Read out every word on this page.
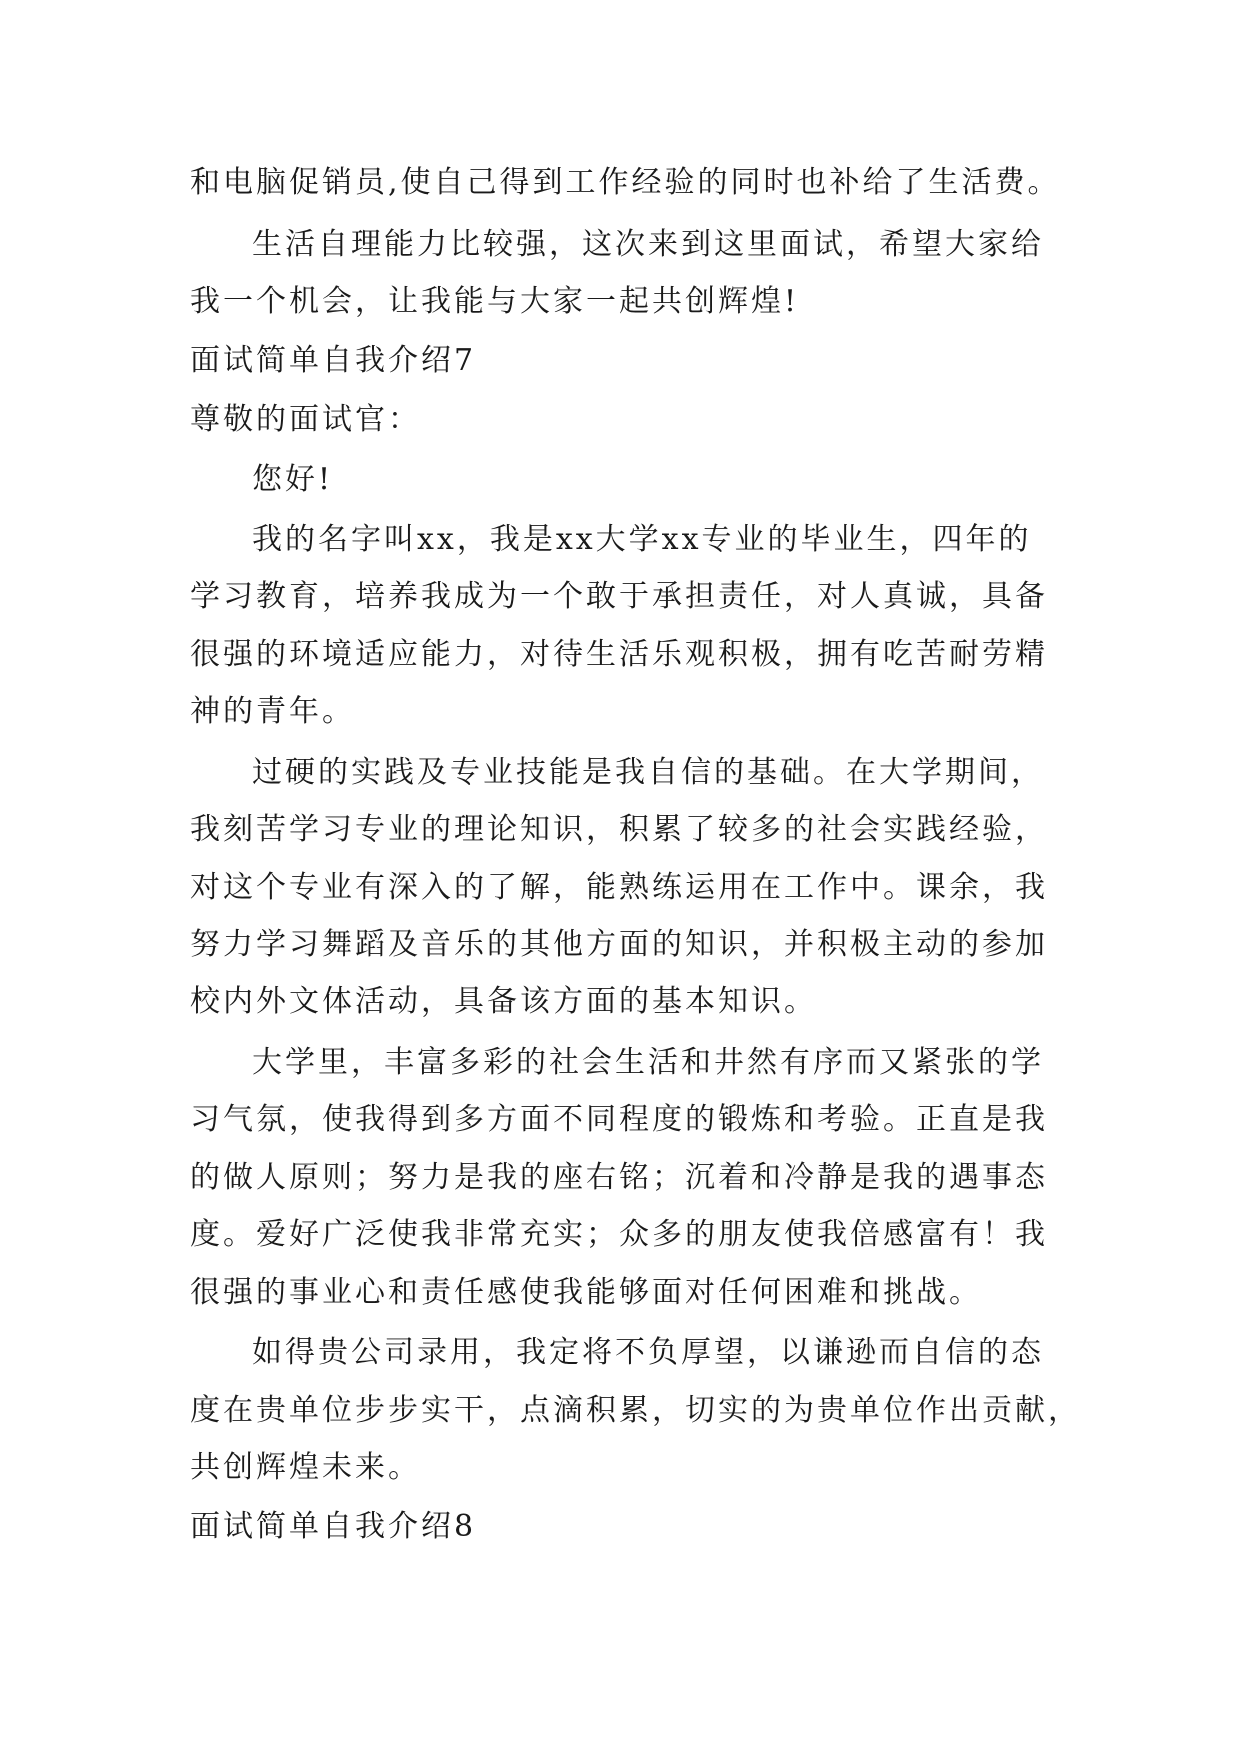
和电脑促销员,使自己得到工作经验的同时也补给了生活费。
生活自理能力比较强，这次来到这里面试，希望大家给
我一个机会，让我能与大家一起共创辉煌!
面试简单自我介绍7
尊敬的面试官：
您好!
我的名字叫xx，我是xx大学xx专业的毕业生，四年的
学习教育，培养我成为一个敢于承担责任，对人真诚，具备
很强的环境适应能力，对待生活乐观积极，拥有吃苦耐劳精
神的青年。
过硬的实践及专业技能是我自信的基础。在大学期间，
我刻苦学习专业的理论知识，积累了较多的社会实践经验，
对这个专业有深入的了解，能熟练运用在工作中。课余，我
努力学习舞蹈及音乐的其他方面的知识，并积极主动的参加
校内外文体活动，具备该方面的基本知识。
大学里，丰富多彩的社会生活和井然有序而又紧张的学
习气氛，使我得到多方面不同程度的锻炼和考验。正直是我
的做人原则；努力是我的座右铭；沉着和冷静是我的遇事态
度。爱好广泛使我非常充实；众多的朋友使我倍感富有！我
很强的事业心和责任感使我能够面对任何困难和挑战。
如得贵公司录用，我定将不负厚望，以谦逊而自信的态
度在贵单位步步实干，点滴积累，切实的为贵单位作出贡献，
共创辉煌未来。
面试简单自我介绍8
